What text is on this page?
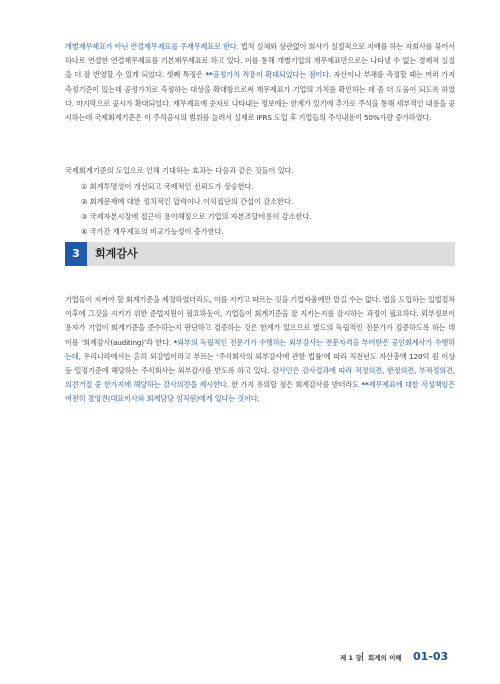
개별재무제표가 아닌 연결재무제표를 주재무제표로 한다. 법적 실체와 상관없이 회사가 실질적으로 지배를 하는 자회사를 묶어서 하나로 연결한 연결재무제표를 기본재무제표로 하고 있다. 이를 통해 개별기업의 재무제표만으로는 나타낼 수 없는 경제적 실질을 더 잘 반영할 수 있게 되었다. 셋째 특징은 **공정가치 적용이 확대되었다는 점이다. 자산이나 부채를 측정할 때는 여러 가지 측정기준이 있는데 공정가치로 측정하는 대상을 확대함으로써 재무제표가 기업의 가치를 확인하는 데 좀 더 도움이 되도록 하였다. 마지막으로 공시가 확대되었다. 재무제표에 숫자로 나타내는 정보에는 한계가 있기에 추가로 주석을 통해 세부적인 내용을 공시하는데 국제회계기준은 이 주석공시의 범위를 늘려서 실제로 IFRS 도입 후 기업들의 주석내용이 50%가량 증가하였다.

국제회계기준의 도입으로 인해 기대하는 효과는 다음과 같은 것들이 있다.

① 회계투명성이 개선되고 국제적인 신뢰도가 상승한다.
② 회계문제에 대한 정치적인 압력이나 이익집단의 간섭이 감소한다.
③ 국제자본시장에 접근이 용이해짐으로 기업의 자본조달비용이 감소한다.
④ 국가간 재무제표의 비교가능성이 증가한다.
3	회계감사

기업들이 지켜야 할 회계기준을 제정하였더라도, 이를 지키고 따르는 것을 기업자율에만 맡길 수는 없다. 법을 도입하는 입법절차 이후에 그것을 지키기 위한 준법지원이 필요하듯이, 기업들이 회계기준을 잘 지키는지를 감시하는 과정이 필요하다. 외부정보이용자가 기업이 회계기준을 준수하는지 판단하고 검증하는 것은 한계가 있으므로 별도의 독립적인 전문가가 검증하도록 하는 데 이를 ‘회계감사(auditing)’라 한다. *외부의 독립적인 전문가가 수행하는 외부감사는 전문자격을 부여받은 공인회계사가 수행하는데, 우리나라에서는 흔히 외감법이라고 부르는 ‘주식회사의 외부감사에 관한 법률’에 따라 직전년도 자산총액 120억 원 이상 등 일정기준에 해당하는 주식회사는 외부감사를 받도록 하고 있다. 감사인은 감사결과에 따라 적정의견, 한정의견, 부적정의견, 의견거절 중 한가지에 해당하는 감사의견을 제시한다. 한 가지 유의할 점은 회계감사를 받더라도 **재무제표에 대한 작성책임은 여전히 경영진(대표이사와 회계담당 임직원)에게 있다는 것이다.

제 1 장 회계의 이해 01-03
